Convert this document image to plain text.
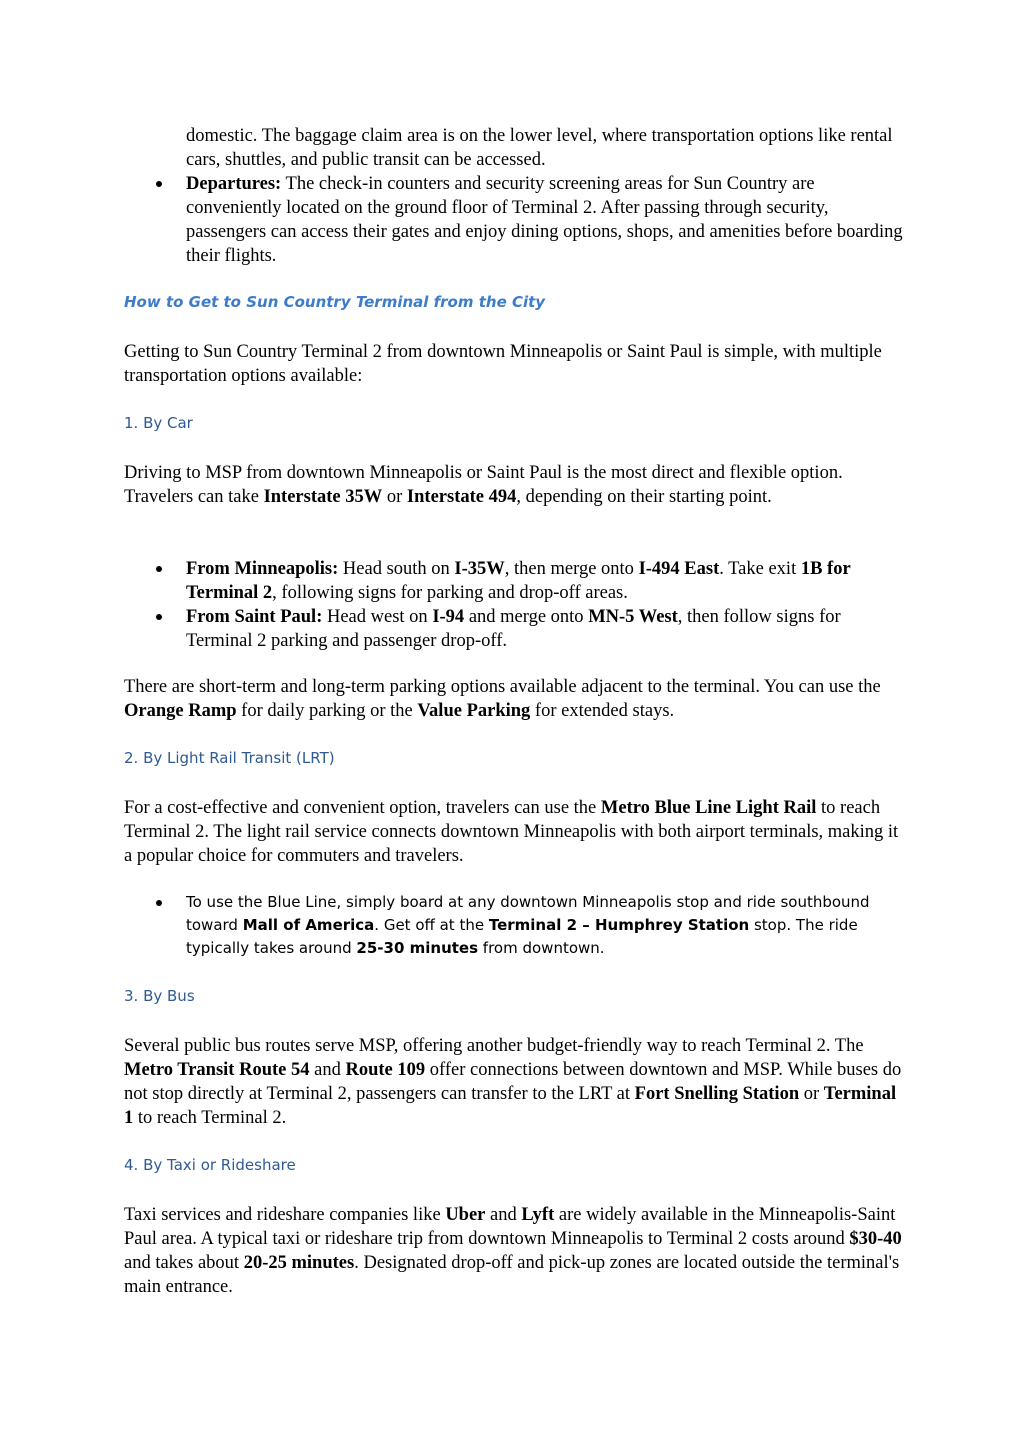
domestic. The baggage claim area is on the lower level, where transportation options like rental cars, shuttles, and public transit can be accessed.

Departures: The check-in counters and security screening areas for Sun Country are conveniently located on the ground floor of Terminal 2. After passing through security, passengers can access their gates and enjoy dining options, shops, and amenities before boarding their flights.
How to Get to Sun Country Terminal from the City

Getting to Sun Country Terminal 2 from downtown Minneapolis or Saint Paul is simple, with multiple transportation options available:

1. By Car

Driving to MSP from downtown Minneapolis or Saint Paul is the most direct and flexible option. Travelers can take Interstate 35W or Interstate 494, depending on their starting point.

From Minneapolis: Head south on I-35W, then merge onto I-494 East. Take exit 1B for Terminal 2, following signs for parking and drop-off areas.
From Saint Paul: Head west on I-94 and merge onto MN-5 West, then follow signs for Terminal 2 parking and passenger drop-off.

There are short-term and long-term parking options available adjacent to the terminal. You can use the Orange Ramp for daily parking or the Value Parking for extended stays.

2. By Light Rail Transit (LRT)

For a cost-effective and convenient option, travelers can use the Metro Blue Line Light Rail to reach Terminal 2. The light rail service connects downtown Minneapolis with both airport terminals, making it a popular choice for commuters and travelers.

To use the Blue Line, simply board at any downtown Minneapolis stop and ride southbound toward Mall of America. Get off at the Terminal 2 – Humphrey Station stop. The ride typically takes around 25-30 minutes from downtown.
3. By Bus

Several public bus routes serve MSP, offering another budget-friendly way to reach Terminal 2. The Metro Transit Route 54 and Route 109 offer connections between downtown and MSP. While buses do not stop directly at Terminal 2, passengers can transfer to the LRT at Fort Snelling Station or Terminal 1 to reach Terminal 2.

4. By Taxi or Rideshare

Taxi services and rideshare companies like Uber and Lyft are widely available in the Minneapolis-Saint Paul area. A typical taxi or rideshare trip from downtown Minneapolis to Terminal 2 costs around $30-40 and takes about 20-25 minutes. Designated drop-off and pick-up zones are located outside the terminal's main entrance.
